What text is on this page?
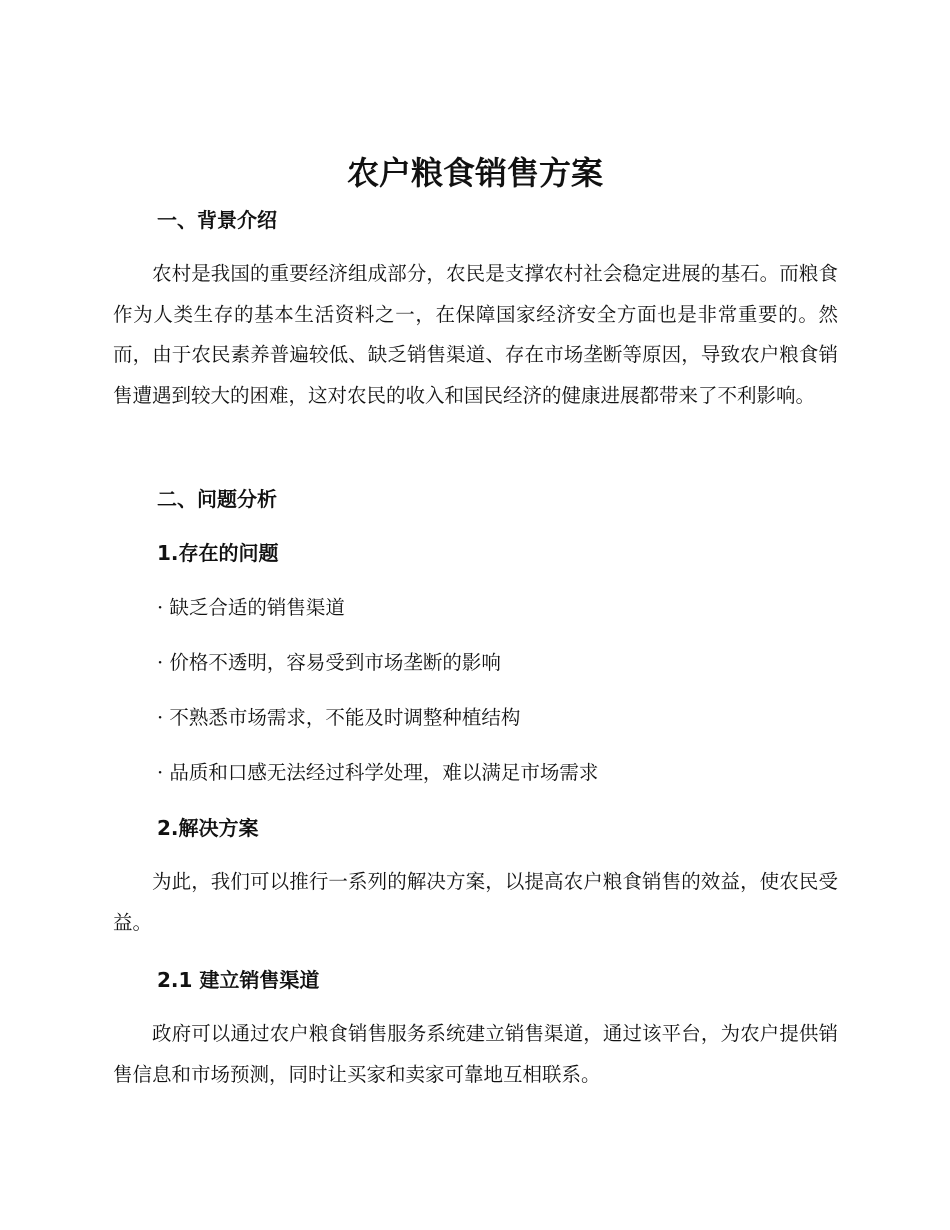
农户粮食销售方案
一、背景介绍

农村是我国的重要经济组成部分，农民是支撑农村社会稳定进展的基石。而粮食作为人类生存的基本生活资料之一，在保障国家经济安全方面也是非常重要的。然而，由于农民素养普遍较低、缺乏销售渠道、存在市场垄断等原因，导致农户粮食销售遭遇到较大的困难，这对农民的收入和国民经济的健康进展都带来了不利影响。

二、问题分析
1.存在的问题

· 缺乏合适的销售渠道

· 价格不透明，容易受到市场垄断的影响

· 不熟悉市场需求，不能及时调整种植结构

· 品质和口感无法经过科学处理，难以满足市场需求

2.解决方案

为此，我们可以推行一系列的解决方案，以提高农户粮食销售的效益，使农民受益。

2.1 建立销售渠道

政府可以通过农户粮食销售服务系统建立销售渠道，通过该平台，为农户提供销售信息和市场预测，同时让买家和卖家可靠地互相联系。
